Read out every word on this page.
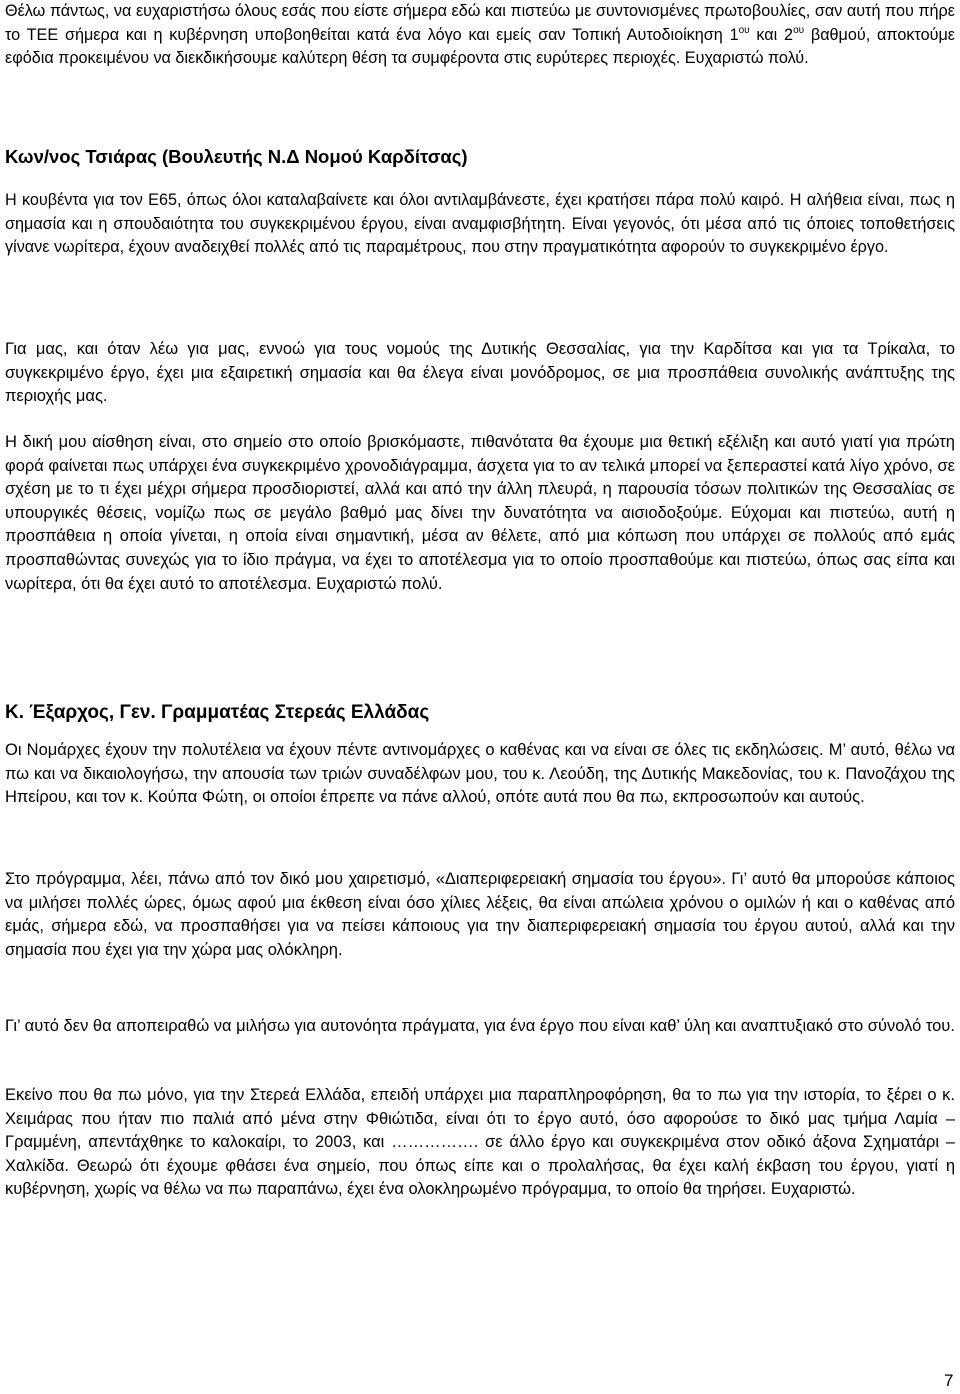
Θέλω πάντως, να ευχαριστήσω όλους εσάς που είστε σήμερα εδώ και πιστεύω με συντονισμένες πρωτοβουλίες, σαν αυτή που πήρε το ΤΕΕ σήμερα και η κυβέρνηση υποβοηθείται κατά ένα λόγο και εμείς σαν Τοπική Αυτοδιοίκηση $1^{o\upsilon}$ και $2^{o\upsilon}$ βαθμού, αποκτούμε εφόδια προκειμένου να διεκδικήσουμε καλύτερη θέση τα συμφέροντα στις ευρύτερες περιοχές. Ευχαριστώ πολύ.

Κων/νος Τσιάρας (Βουλευτής Ν.Δ Νομού Καρδίτσας)

Η κουβέντα για τον Ε65, όπως όλοι καταλαβαίνετε και όλοι αντιλαμβάνεστε, έχει κρατήσει πάρα πολύ καιρό. Η αλήθεια είναι, πως η σημασία και η σπουδαιότητα του συγκεκριμένου έργου, είναι αναμφισβήτητη. Είναι γεγονός, ότι μέσα από τις όποιες τοποθετήσεις γίνανε νωρίτερα, έχουν αναδειχθεί πολλές από τις παραμέτρους, που στην πραγματικότητα αφορούν το συγκεκριμένο έργο.

Για μας, και όταν λέω για μας, εννοώ για τους νομούς της Δυτικής Θεσσαλίας, για την Καρδίτσα και για τα Τρίκαλα, το συγκεκριμένο έργο, έχει μια εξαιρετική σημασία και θα έλεγα είναι μονόδρομος, σε μια προσπάθεια συνολικής ανάπτυξης της περιοχής μας.

Η δική μου αίσθηση είναι, στο σημείο στο οποίο βρισκόμαστε, πιθανότατα θα έχουμε μια θετική εξέλιξη και αυτό γιατί για πρώτη φορά φαίνεται πως υπάρχει ένα συγκεκριμένο χρονοδιάγραμμα, άσχετα για το αν τελικά μπορεί να ξεπεραστεί κατά λίγο χρόνο, σε σχέση με το τι έχει μέχρι σήμερα προσδιοριστεί, αλλά και από την άλλη πλευρά, η παρουσία τόσων πολιτικών της Θεσσαλίας σε υπουργικές θέσεις, νομίζω πως σε μεγάλο βαθμό μας δίνει την δυνατότητα να αισιοδοξούμε. Εύχομαι και πιστεύω, αυτή η προσπάθεια η οποία γίνεται, η οποία είναι σημαντική, μέσα αν θέλετε, από μια κόπωση που υπάρχει σε πολλούς από εμάς προσπαθώντας συνεχώς για το ίδιο πράγμα, να έχει το αποτέλεσμα για το οποίο προσπαθούμε και πιστεύω, όπως σας είπα και νωρίτερα, ότι θα έχει αυτό το αποτέλεσμα. Ευχαριστώ πολύ.

Κ. Έξαρχος, Γεν. Γραμματέας Στερεάς Ελλάδας

Οι Νομάρχες έχουν την πολυτέλεια να έχουν πέντε αντινομάρχες ο καθένας και να είναι σε όλες τις εκδηλώσεις. Μ’ αυτό, θέλω να πω και να δικαιολογήσω, την απουσία των τριών συναδέλφων μου, του κ. Λεούδη, της Δυτικής Μακεδονίας, του κ. Πανοζάχου της Ηπείρου, και τον κ. Κούπα Φώτη, οι οποίοι έπρεπε να πάνε αλλού, οπότε αυτά που θα πω, εκπροσωπούν και αυτούς.

Στο πρόγραμμα, λέει, πάνω από τον δικό μου χαιρετισμό, «Διαπεριφερειακή σημασία του έργου». Γι’ αυτό θα μπορούσε κάποιος να μιλήσει πολλές ώρες, όμως αφού μια έκθεση είναι όσο χίλιες λέξεις, θα είναι απώλεια χρόνου ο ομιλών ή και ο καθένας από εμάς, σήμερα εδώ, να προσπαθήσει για να πείσει κάποιους για την διαπεριφερειακή σημασία του έργου αυτού, αλλά και την σημασία που έχει για την χώρα μας ολόκληρη.

Γι’ αυτό δεν θα αποπειραθώ να μιλήσω για αυτονόητα πράγματα, για ένα έργο που είναι καθ’ ύλη και αναπτυξιακό στο σύνολό του.

Εκείνο που θα πω μόνο, για την Στερεά Ελλάδα, επειδή υπάρχει μια παραπληροφόρηση, θα το πω για την ιστορία, το ξέρει ο κ. Χειμάρας που ήταν πιο παλιά από μένα στην Φθιώτιδα, είναι ότι το έργο αυτό, όσο αφορούσε το δικό μας τμήμα Λαμία – Γραμμένη, απεντάχθηκε το καλοκαίρι, το 2003, και ……………. σε άλλο έργο και συγκεκριμένα στον οδικό άξονα Σχηματάρι – Χαλκίδα. Θεωρώ ότι έχουμε φθάσει ένα σημείο, που όπως είπε και ο προλαλήσας, θα έχει καλή έκβαση του έργου, γιατί η κυβέρνηση, χωρίς να θέλω να πω παραπάνω, έχει ένα ολοκληρωμένο πρόγραμμα, το οποίο θα τηρήσει. Ευχαριστώ.

7
